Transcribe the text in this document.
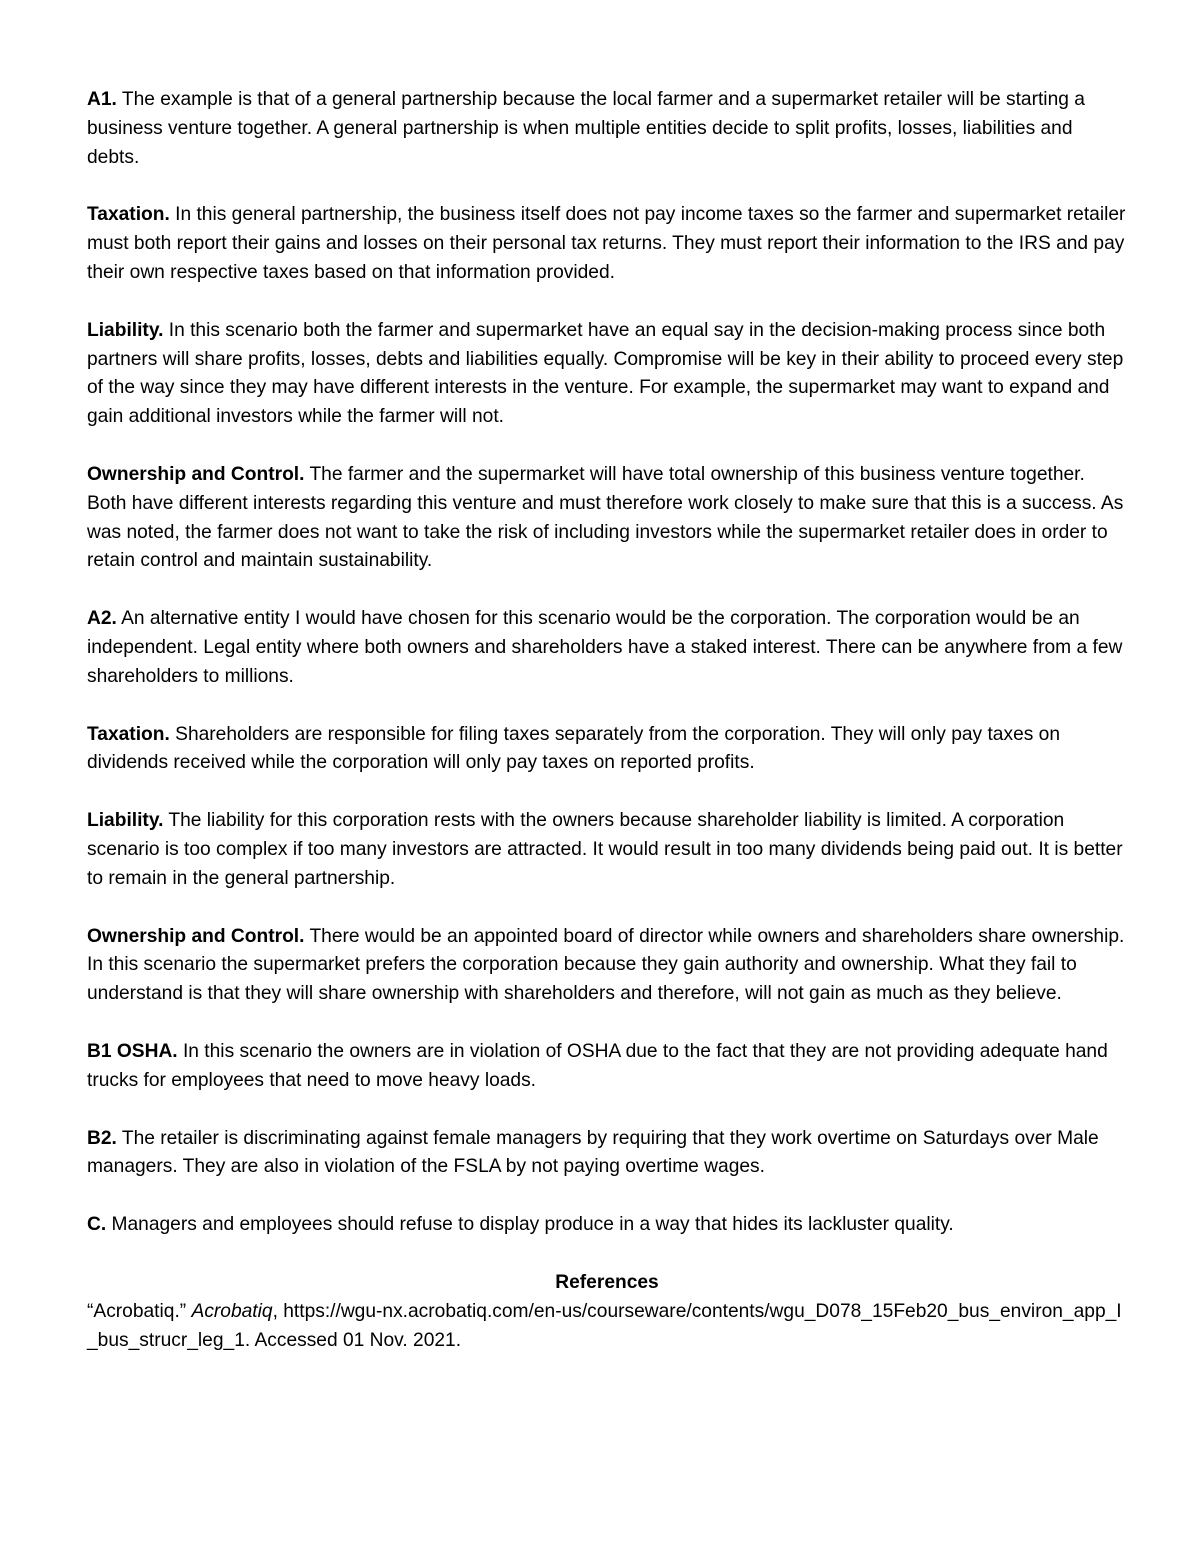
A1. The example is that of a general partnership because the local farmer and a supermarket retailer will be starting a business venture together. A general partnership is when multiple entities decide to split profits, losses, liabilities and debts.

Taxation. In this general partnership, the business itself does not pay income taxes so the farmer and supermarket retailer must both report their gains and losses on their personal tax returns. They must report their information to the IRS and pay their own respective taxes based on that information provided.

Liability. In this scenario both the farmer and supermarket have an equal say in the decision-making process since both partners will share profits, losses, debts and liabilities equally. Compromise will be key in their ability to proceed every step of the way since they may have different interests in the venture. For example, the supermarket may want to expand and gain additional investors while the farmer will not.

Ownership and Control. The farmer and the supermarket will have total ownership of this business venture together. Both have different interests regarding this venture and must therefore work closely to make sure that this is a success. As was noted, the farmer does not want to take the risk of including investors while the supermarket retailer does in order to retain control and maintain sustainability.

A2. An alternative entity I would have chosen for this scenario would be the corporation. The corporation would be an independent. Legal entity where both owners and shareholders have a staked interest. There can be anywhere from a few shareholders to millions.

Taxation. Shareholders are responsible for filing taxes separately from the corporation. They will only pay taxes on dividends received while the corporation will only pay taxes on reported profits.

Liability. The liability for this corporation rests with the owners because shareholder liability is limited. A corporation scenario is too complex if too many investors are attracted. It would result in too many dividends being paid out. It is better to remain in the general partnership.

Ownership and Control. There would be an appointed board of director while owners and shareholders share ownership. In this scenario the supermarket prefers the corporation because they gain authority and ownership. What they fail to understand is that they will share ownership with shareholders and therefore, will not gain as much as they believe.

B1 OSHA. In this scenario the owners are in violation of OSHA due to the fact that they are not providing adequate hand trucks for employees that need to move heavy loads.

B2. The retailer is discriminating against female managers by requiring that they work overtime on Saturdays over Male managers. They are also in violation of the FSLA by not paying overtime wages.

C. Managers and employees should refuse to display produce in a way that hides its lackluster quality.

References

“Acrobatiq.” Acrobatiq, https://wgu-nx.acrobatiq.com/en-us/courseware/contents/wgu_D078_15Feb20_bus_environ_app_I_bus_strucr_leg_1. Accessed 01 Nov. 2021.
